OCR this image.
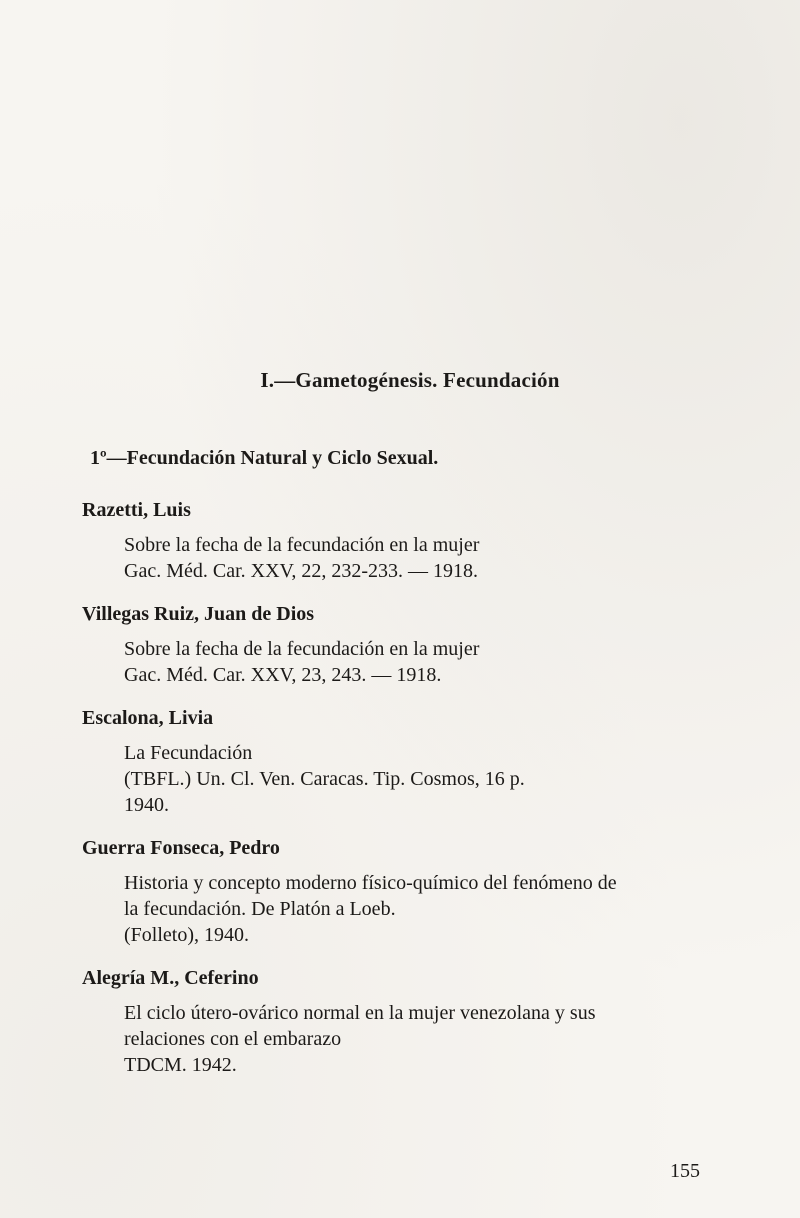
I.—Gametogénesis. Fecundación
1º—Fecundación Natural y Ciclo Sexual.
Razetti, Luis
Sobre la fecha de la fecundación en la mujer
Gac. Méd. Car. XXV, 22, 232-233. — 1918.
Villegas Ruiz, Juan de Dios
Sobre la fecha de la fecundación en la mujer
Gac. Méd. Car. XXV, 23, 243. — 1918.
Escalona, Livia
La Fecundación
(TBFL.) Un. Cl. Ven. Caracas. Tip. Cosmos, 16 p.
1940.
Guerra Fonseca, Pedro
Historia y concepto moderno físico-químico del fenómeno de
la fecundación. De Platón a Loeb.
(Folleto), 1940.
Alegría M., Ceferino
El ciclo útero-ovárico normal en la mujer venezolana y sus
relaciones con el embarazo
TDCM. 1942.
155
